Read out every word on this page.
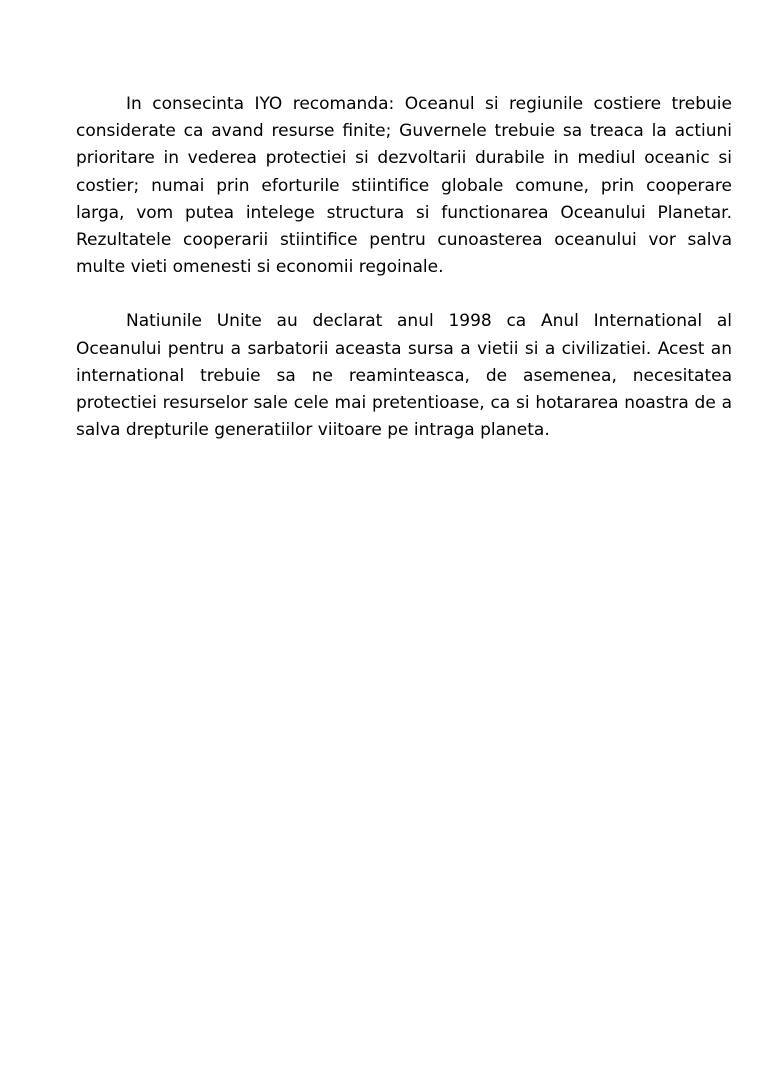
In consecinta IYO recomanda: Oceanul si regiunile costiere trebuie considerate ca avand resurse finite; Guvernele trebuie sa treaca la actiuni prioritare in vederea protectiei si dezvoltarii durabile in mediul oceanic si costier; numai prin eforturile stiintifice globale comune, prin cooperare larga, vom putea intelege structura si functionarea Oceanului Planetar. Rezultatele cooperarii stiintifice pentru cunoasterea oceanului vor salva multe vieti omenesti si economii regoinale.

Natiunile Unite au declarat anul 1998 ca Anul International al Oceanului pentru a sarbatorii aceasta sursa a vietii si a civilizatiei. Acest an international trebuie sa ne reaminteasca, de asemenea, necesitatea protectiei resurselor sale cele mai pretentioase, ca si hotararea noastra de a salva drepturile generatiilor viitoare pe intraga planeta.
